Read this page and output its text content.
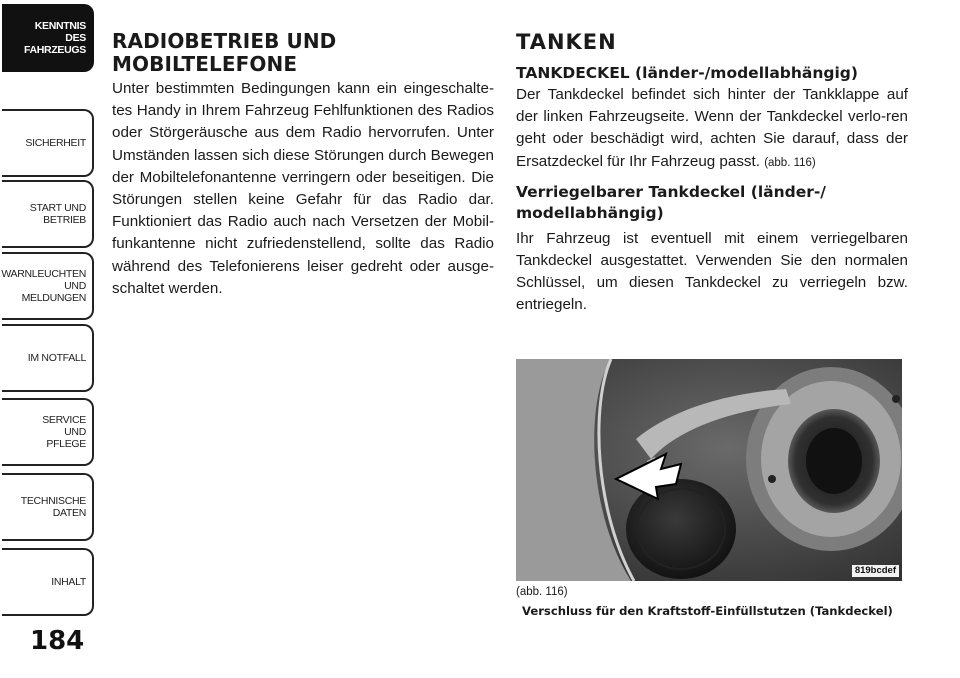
KENNTNIS
DES
FAHRZEUGS
SICHERHEIT
START UND
BETRIEB
WARNLEUCHTEN
UND
MELDUNGEN
IM NOTFALL
SERVICE
UND
PFLEGE
TECHNISCHE
DATEN
INHALT
184
RADIOBETRIEB UND
MOBILTELEFONE

Unter bestimmten Bedingungen kann ein eingeschalte-tes Handy in Ihrem Fahrzeug Fehlfunktionen des Radios oder Störgeräusche aus dem Radio hervorrufen. Unter Umständen lassen sich diese Störungen durch Bewegen der Mobiltelefonantenne verringern oder beseitigen. Die Störungen stellen keine Gefahr für das Radio dar. Funktioniert das Radio auch nach Versetzen der Mobil-funkantenne nicht zufriedenstellend, sollte das Radio während des Telefonierens leiser gedreht oder ausge-schaltet werden.

TANKEN
TANKDECKEL (länder-/modellabhängig)

Der Tankdeckel befindet sich hinter der Tankklappe auf der linken Fahrzeugseite. Wenn der Tankdeckel verlo-ren geht oder beschädigt wird, achten Sie darauf, dass der Ersatzdeckel für Ihr Fahrzeug passt. (abb. 116)

Verriegelbarer Tankdeckel (länder-/
modellabhängig)

Ihr Fahrzeug ist eventuell mit einem verriegelbaren Tankdeckel ausgestattet. Verwenden Sie den normalen Schlüssel, um diesen Tankdeckel zu verriegeln bzw. entriegeln.

819bcdef
(abb. 116)
Verschluss für den Kraftstoff-Einfüllstutzen (Tankdeckel)
